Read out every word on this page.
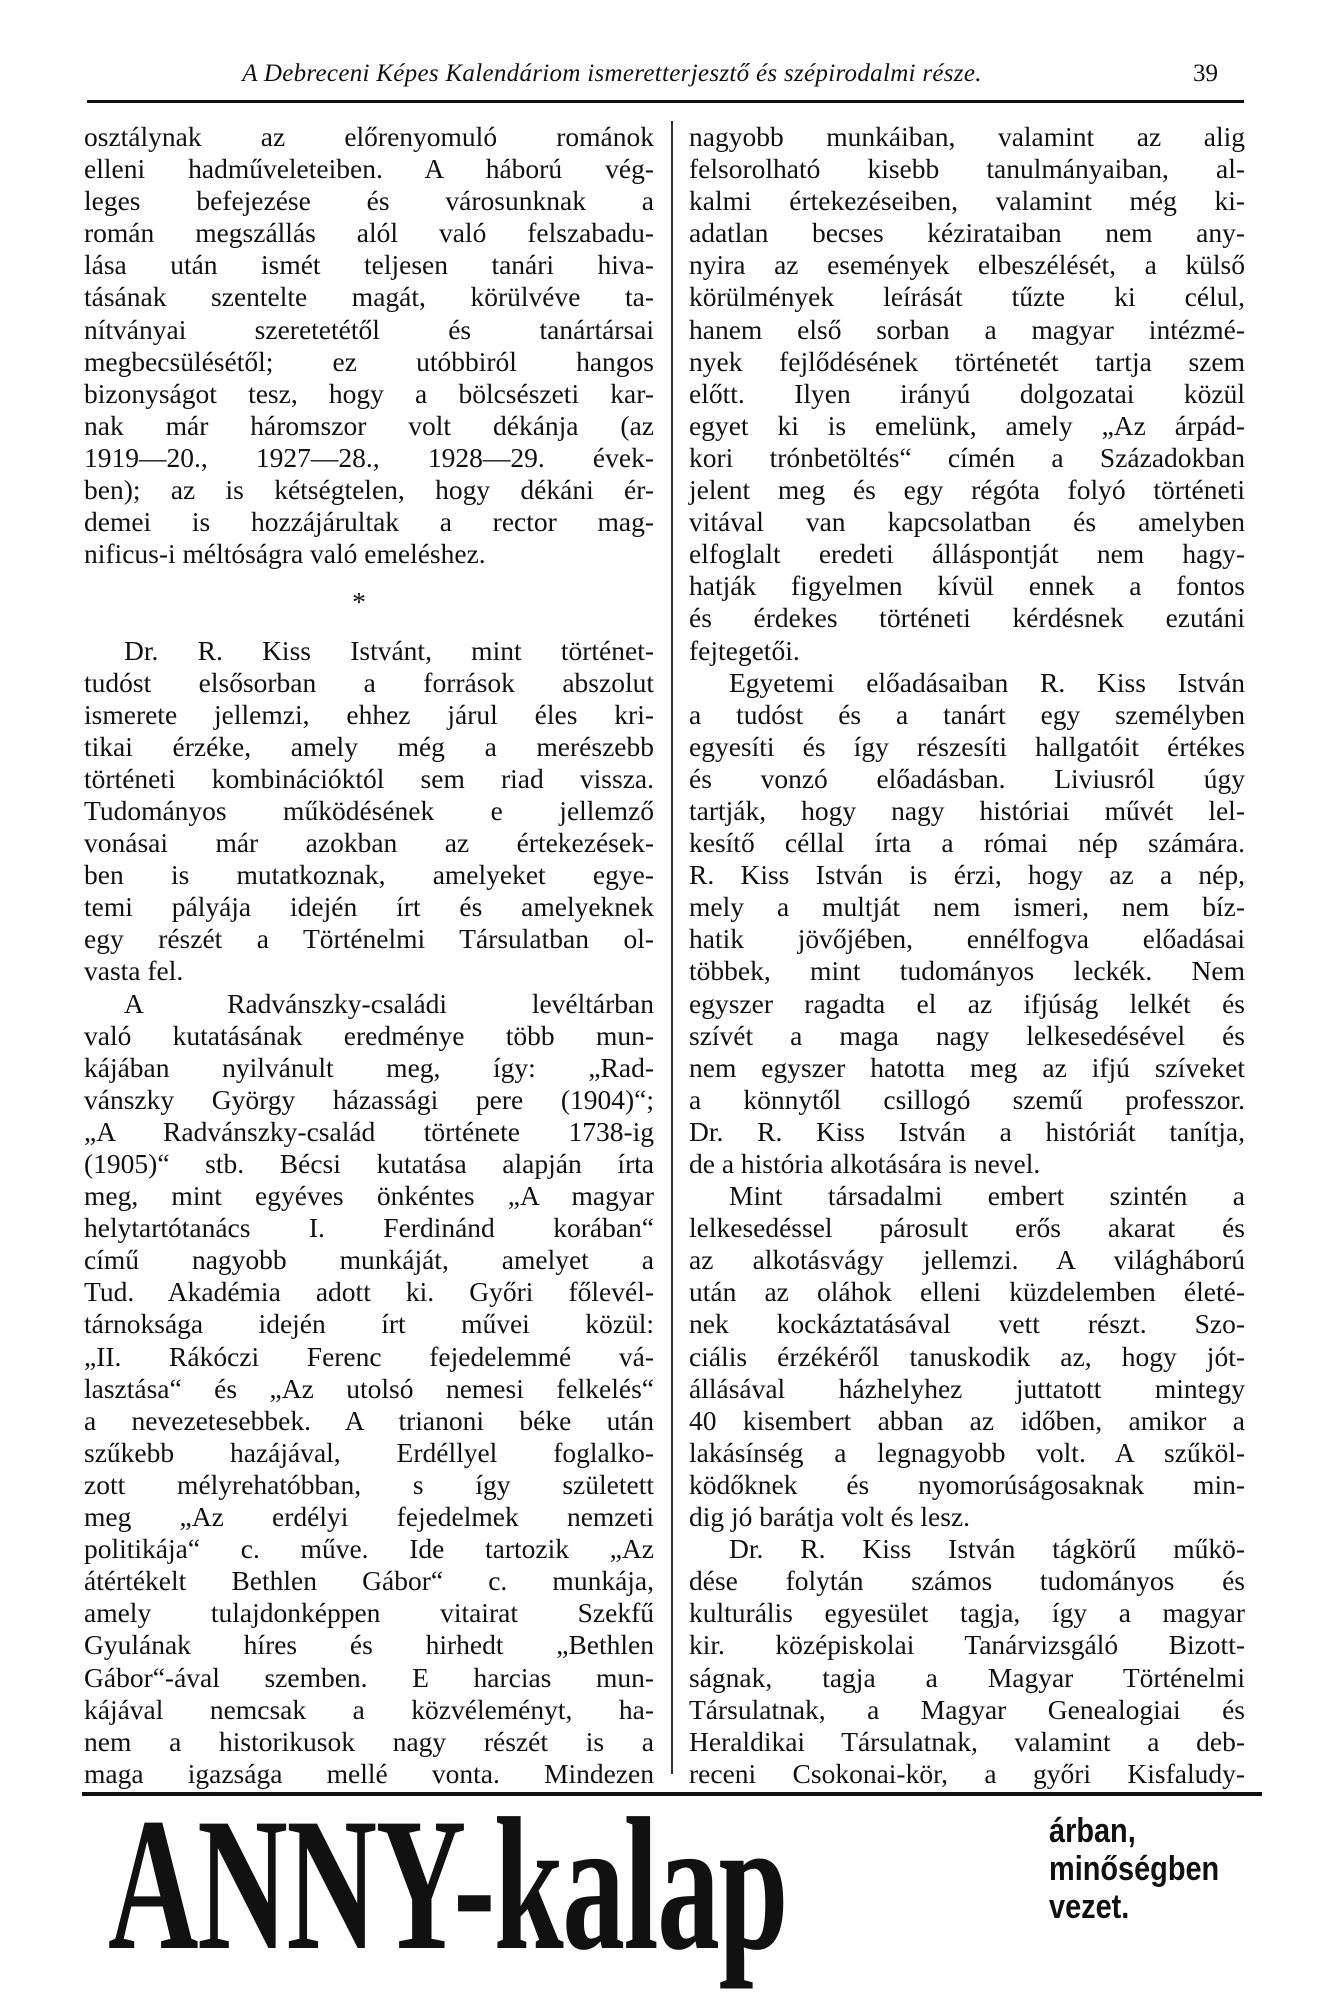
A Debreceni Képes Kalendáriom ismeretterjesztő és szépirodalmi része.	39
osztálynak az előrenyomuló románok
elleni hadműveleteiben. A háború vég-
leges befejezése és városunknak a
román megszállás alól való felszabadu-
lása után ismét teljesen tanári hiva-
tásának szentelte magát, körülvéve ta-
nítványai szeretetétől és tanártársai
megbecsülésétől; ez utóbbiról hangos
bizonyságot tesz, hogy a bölcsészeti kar-
nak már háromszor volt dékánja (az
1919—20., 1927—28., 1928—29. évek-
ben); az is kétségtelen, hogy dékáni ér-
demei is hozzájárultak a rector mag-
nificus-i méltóságra való emeléshez.
*
Dr. R. Kiss Istvánt, mint történet-
tudóst elsősorban a források abszolut
ismerete jellemzi, ehhez járul éles kri-
tikai érzéke, amely még a merészebb
történeti kombinációktól sem riad vissza.
Tudományos működésének e jellemző
vonásai már azokban az értekezések-
ben is mutatkoznak, amelyeket egye-
temi pályája idején írt és amelyeknek
egy részét a Történelmi Társulatban ol-
vasta fel.
A Radvánszky-családi levéltárban
való kutatásának eredménye több mun-
kájában nyilvánult meg, így: „Rad-
vánszky György házassági pere (1904)“;
„A Radvánszky-család története 1738-ig
(1905)“ stb. Bécsi kutatása alapján írta
meg, mint egyéves önkéntes „A magyar
helytartótanács I. Ferdinánd korában“
című nagyobb munkáját, amelyet a
Tud. Akadémia adott ki. Győri főlevél-
tárnoksága idején írt művei közül:
„II. Rákóczi Ferenc fejedelemmé vá-
lasztása“ és „Az utolsó nemesi felkelés“
a nevezetesebbek. A trianoni béke után
szűkebb hazájával, Erdéllyel foglalko-
zott mélyrehatóbban, s így született
meg „Az erdélyi fejedelmek nemzeti
politikája“ c. műve. Ide tartozik „Az
átértékelt Bethlen Gábor“ c. munkája,
amely tulajdonképpen vitairat Szekfű
Gyulának híres és hirhedt „Bethlen
Gábor“-ával szemben. E harcias mun-
kájával nemcsak a közvéleményt, ha-
nem a historikusok nagy részét is a
maga igazsága mellé vonta. Mindezen
nagyobb munkáiban, valamint az alig
felsorolható kisebb tanulmányaiban, al-
kalmi értekezéseiben, valamint még ki-
adatlan becses kézirataiban nem any-
nyira az események elbeszélését, a külső
körülmények leírását tűzte ki célul,
hanem első sorban a magyar intézmé-
nyek fejlődésének történetét tartja szem
előtt. Ilyen irányú dolgozatai közül
egyet ki is emelünk, amely „Az árpád-
kori trónbetöltés“ címén a Századokban
jelent meg és egy régóta folyó történeti
vitával van kapcsolatban és amelyben
elfoglalt eredeti álláspontját nem hagy-
hatják figyelmen kívül ennek a fontos
és érdekes történeti kérdésnek ezutáni
fejtegetői.
Egyetemi előadásaiban R. Kiss István
a tudóst és a tanárt egy személyben
egyesíti és így részesíti hallgatóit értékes
és vonzó előadásban. Liviusról úgy
tartják, hogy nagy históriai művét lel-
kesítő céllal írta a római nép számára.
R. Kiss István is érzi, hogy az a nép,
mely a multját nem ismeri, nem bíz-
hatik jövőjében, ennélfogva előadásai
többek, mint tudományos leckék. Nem
egyszer ragadta el az ifjúság lelkét és
szívét a maga nagy lelkesedésével és
nem egyszer hatotta meg az ifjú szíveket
a könnytől csillogó szemű professzor.
Dr. R. Kiss István a históriát tanítja,
de a história alkotására is nevel.
Mint társadalmi embert szintén a
lelkesedéssel párosult erős akarat és
az alkotásvágy jellemzi. A világháború
után az oláhok elleni küzdelemben életé-
nek kockáztatásával vett részt. Szo-
ciális érzékéről tanuskodik az, hogy jót-
állásával házhelyhez juttatott mintegy
40 kisembert abban az időben, amikor a
lakásínség a legnagyobb volt. A szűköl-
ködőknek és nyomorúságosaknak min-
dig jó barátja volt és lesz.
Dr. R. Kiss István tágkörű műkö-
dése folytán számos tudományos és
kulturális egyesület tagja, így a magyar
kir. középiskolai Tanárvizsgáló Bizott-
ságnak, tagja a Magyar Történelmi
Társulatnak, a Magyar Genealogiai és
Heraldikai Társulatnak, valamint a deb-
receni Csokonai-kör, a győri Kisfaludy-
ANNY-kalap	árban,
minőségben
vezet.
